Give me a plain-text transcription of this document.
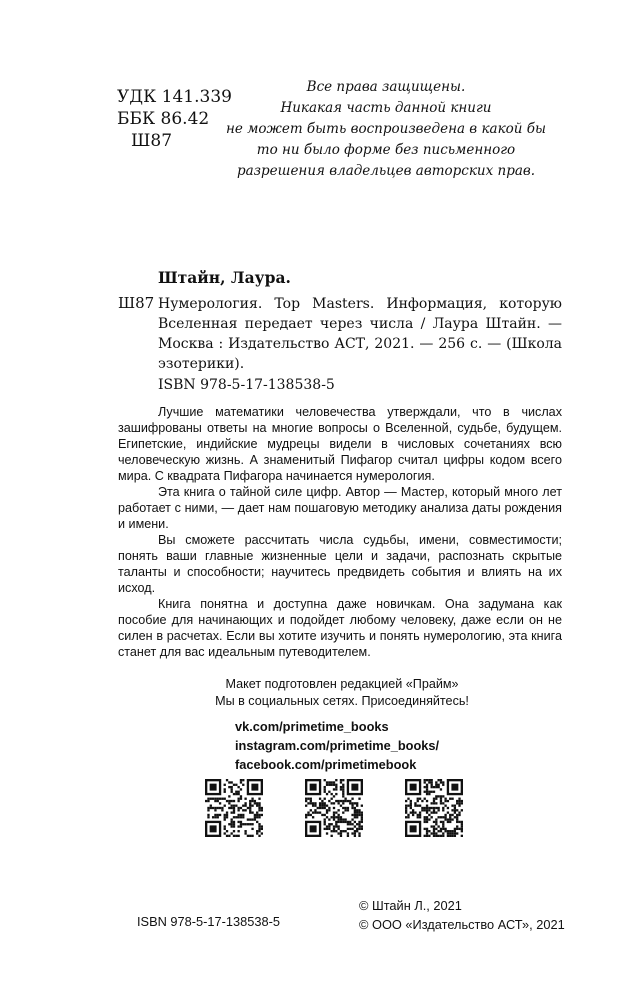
УДК 141.339
ББК 86.42
Ш87
Все права защищены.
Никакая часть данной книги
не может быть воспроизведена в какой бы
то ни было форме без письменного
разрешения владельцев авторских прав.
Штайн, Лаура.
Ш87 Нумерология. Top Masters. Информация, которую Вселенная передает через числа / Лаура Штайн. — Москва : Издательство АСТ, 2021. — 256 с. — (Школа эзотерики).
ISBN 978-5-17-138538-5

Лучшие математики человечества утверждали, что в числах зашифрованы ответы на многие вопросы о Вселенной, судьбе, будущем. Египетские, индийские мудрецы видели в числовых сочетаниях всю человеческую жизнь. А знаменитый Пифагор считал цифры кодом всего мира. С квадрата Пифагора начинается нумерология.

Эта книга о тайной силе цифр. Автор — Мастер, который много лет работает с ними, — дает нам пошаговую методику анализа даты рождения и имени.

Вы сможете рассчитать числа судьбы, имени, совместимости; понять ваши главные жизненные цели и задачи, распознать скрытые таланты и способности; научитесь предвидеть события и влиять на их исход.

Книга понятна и доступна даже новичкам. Она задумана как пособие для начинающих и подойдет любому человеку, даже если он не силен в расчетах. Если вы хотите изучить и понять нумерологию, эта книга станет для вас идеальным путеводителем.

Макет подготовлен редакцией «Прайм»
Мы в социальных сетях. Присоединяйтесь!
vk.com/primetime_books
instagram.com/primetime_books/
facebook.com/primetimebook
© Штайн Л., 2021
© ООО «Издательство АСТ», 2021
ISBN 978-5-17-138538-5
